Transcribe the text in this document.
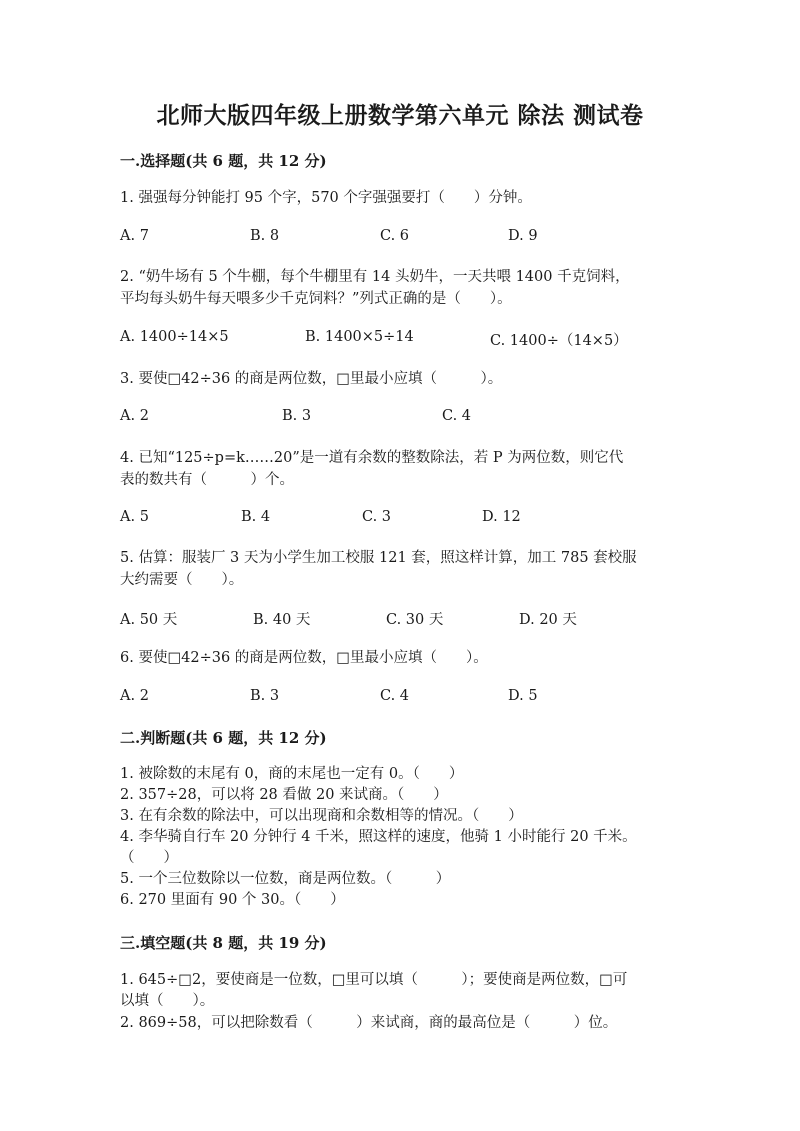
北师大版四年级上册数学第六单元 除法 测试卷
一.选择题(共 6 题，共 12 分)
1. 强强每分钟能打 95 个字，570 个字强强要打（　　）分钟。
A. 7	B. 8	C. 6	D. 9
2. “奶牛场有 5 个牛棚，每个牛棚里有 14 头奶牛，一天共喂 1400 千克饲料，
平均每头奶牛每天喂多少千克饲料？”列式正确的是（　　）。
A. 1400÷14×5	B. 1400×5÷14	C. 1400÷（14×5）
3. 要使□42÷36 的商是两位数，□里最小应填（　　　）。
A. 2	B. 3	C. 4
4. 已知“125÷p=k……20”是一道有余数的整数除法，若 P 为两位数，则它代
表的数共有（　　　）个。
A. 5	B. 4	C. 3	D. 12
5. 估算：服装厂 3 天为小学生加工校服 121 套，照这样计算，加工 785 套校服
大约需要（　　）。
A. 50 天	B. 40 天	C. 30 天	D. 20 天
6. 要使□42÷36 的商是两位数，□里最小应填（　　）。
A. 2	B. 3	C. 4	D. 5
二.判断题(共 6 题，共 12 分)
1. 被除数的末尾有 0，商的末尾也一定有 0。（　　）
2. 357÷28，可以将 28 看做 20 来试商。（　　）
3. 在有余数的除法中，可以出现商和余数相等的情况。（　　）
4. 李华骑自行车 20 分钟行 4 千米，照这样的速度，他骑 1 小时能行 20 千米。
（　　）
5. 一个三位数除以一位数，商是两位数。（　　　）
6. 270 里面有 90 个 30。（　　）
三.填空题(共 8 题，共 19 分)
1. 645÷□2，要使商是一位数，□里可以填（　　　）；要使商是两位数，□可
以填（　　）。
2. 869÷58，可以把除数看（　　　）来试商，商的最高位是（　　　）位。
